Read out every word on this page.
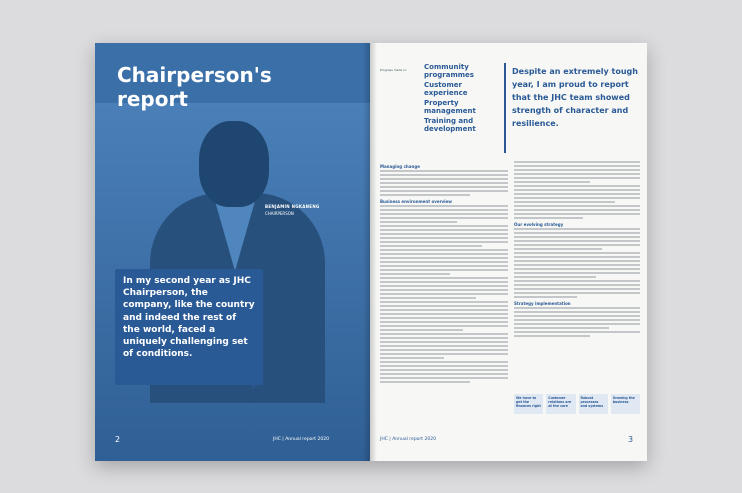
Chairperson's report
BENJAMIN NGKANENG
CHAIRPERSON
In my second year as JHC Chairperson, the company, like the country and indeed the rest of the world, faced a uniquely challenging set of conditions.
2	JHC | Annual report 2020
Progress made in: Community programmes
Customer experience
Property management
Training and development
Despite an extremely tough year, I am proud to report that the JHC team showed strength of character and resilience.
Managing change
Business environment overview
Our evolving strategy
Strategy implementation
We have to get the finances right
Customer relations are at the core
Robust processes and systems
Growing the business
JHC | Annual report 2020	3
